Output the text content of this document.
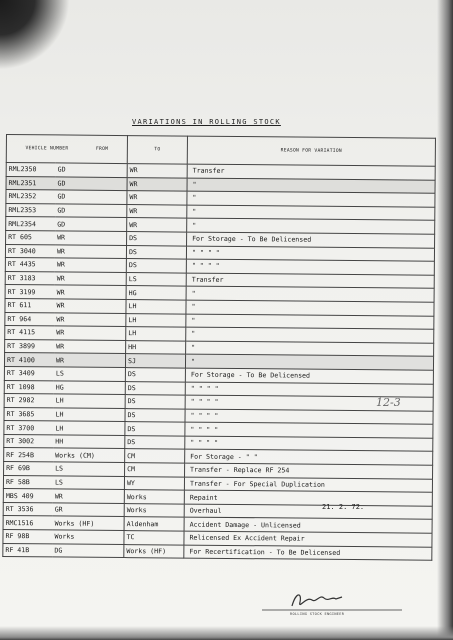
VARIATIONS IN ROLLING STOCK
VEHICLE NUMBER FROM		TO	REASON FOR VARIATION
RML2350	GD	WR	Transfer
RML2351	GD	WR	"
RML2352	GD	WR	"
RML2353	GD	WR	"
RML2354	GD	WR	"
RT 605	WR	DS	For Storage - To Be Delicensed
RT 3040	WR	DS	" " " "
RT 4435	WR	DS	" " " "
RT 3183	WR	LS	Transfer
RT 3199	WR	HG	"
RT 611	WR	LH	"
RT 964	WR	LH	"
RT 4115	WR	LH	"
RT 3899	WR	HH	"
RT 4100	WR	SJ	"
RT 3409	LS	DS	For Storage - To Be Delicensed
RT 1098	HG	DS	" " " "
RT 2982	LH	DS	" " " "
RT 3685	LH	DS	" " " "
RT 3700	LH	DS	" " " "
RT 3002	HH	DS	" " " "
RF 254B	Works (CM)	CM	For Storage - " "
RF 69B	LS	CM	Transfer - Replace RF 254
RF 58B	LS	WY	Transfer - For Special Duplication
MBS 409	WR	Works	Repaint
RT 3536	GR	Works	Overhaul
RMC1516	Works (HF)	Aldenham	Accident Damage - Unlicensed
RF 98B	Works	TC	Relicensed Ex Accident Repair
RF 41B	DG	Works (HF)	For Recertification - To Be Delicensed
12-3
21. 2. 72.
ROLLING STOCK ENGINEER
